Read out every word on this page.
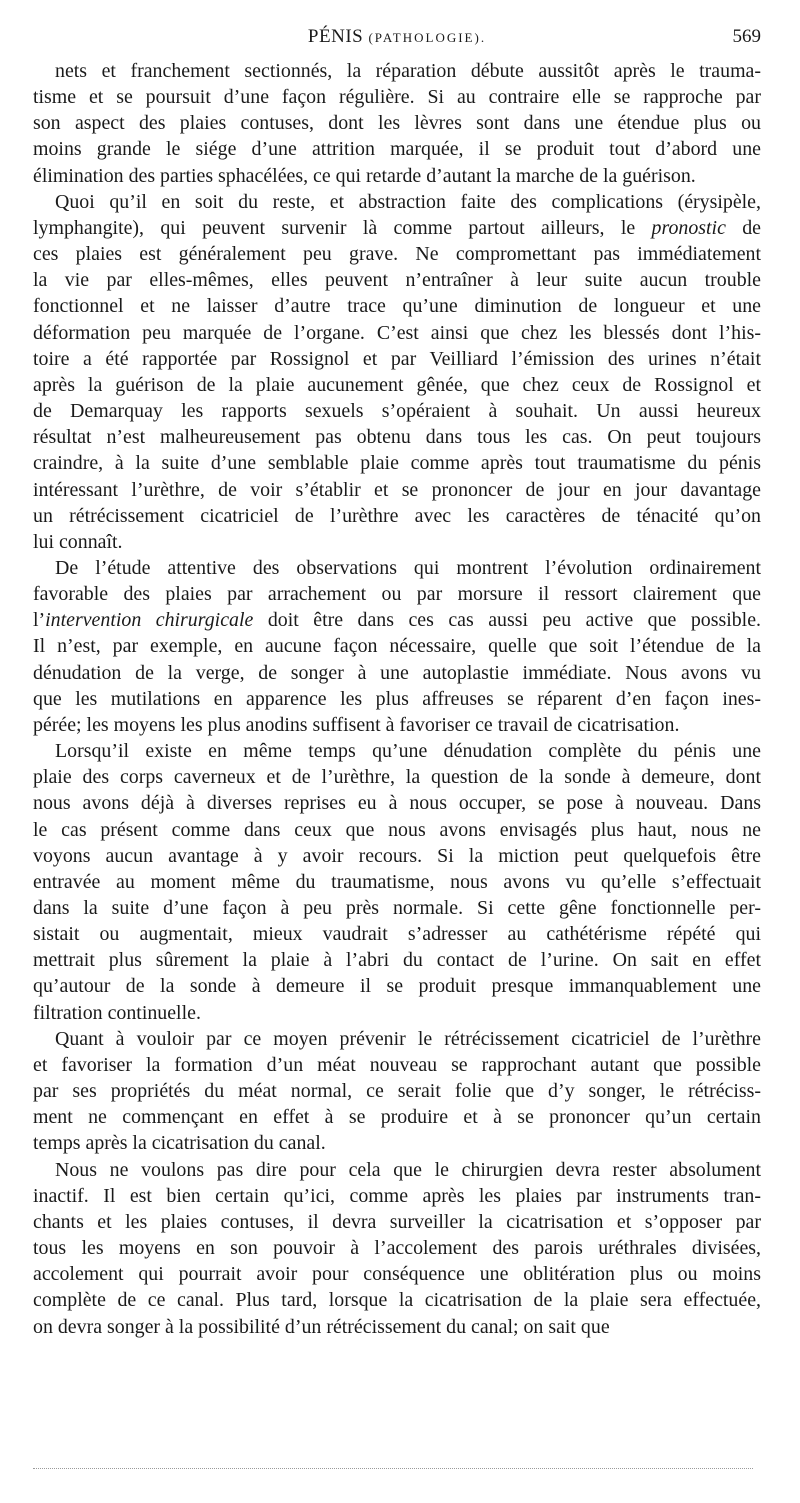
PÉNIS (PATHOLOGIE).	569

nets et franchement sectionnés, la réparation débute aussitôt après le trauma-
tisme et se poursuit d’une façon régulière. Si au contraire elle se rapproche par
son aspect des plaies contuses, dont les lèvres sont dans une étendue plus ou
moins grande le siége d’une attrition marquée, il se produit tout d’abord une
élimination des parties sphacélées, ce qui retarde d’autant la marche de la guérison.

Quoi qu’il en soit du reste, et abstraction faite des complications (érysipèle,
lymphangite), qui peuvent survenir là comme partout ailleurs, le pronostic de
ces plaies est généralement peu grave. Ne compromettant pas immédiatement
la vie par elles-mêmes, elles peuvent n’entraîner à leur suite aucun trouble
fonctionnel et ne laisser d’autre trace qu’une diminution de longueur et une
déformation peu marquée de l’organe. C’est ainsi que chez les blessés dont l’his-
toire a été rapportée par Rossignol et par Veilliard l’émission des urines n’était
après la guérison de la plaie aucunement gênée, que chez ceux de Rossignol et
de Demarquay les rapports sexuels s’opéraient à souhait. Un aussi heureux
résultat n’est malheureusement pas obtenu dans tous les cas. On peut toujours
craindre, à la suite d’une semblable plaie comme après tout traumatisme du pénis
intéressant l’urèthre, de voir s’établir et se prononcer de jour en jour davantage
un rétrécissement cicatriciel de l’urèthre avec les caractères de ténacité qu’on
lui connaît.

De l’étude attentive des observations qui montrent l’évolution ordinairement
favorable des plaies par arrachement ou par morsure il ressort clairement que
l’intervention chirurgicale doit être dans ces cas aussi peu active que possible.
Il n’est, par exemple, en aucune façon nécessaire, quelle que soit l’étendue de la
dénudation de la verge, de songer à une autoplastie immédiate. Nous avons vu
que les mutilations en apparence les plus affreuses se réparent d’en façon ines-
pérée; les moyens les plus anodins suffisent à favoriser ce travail de cicatrisation.

Lorsqu’il existe en même temps qu’une dénudation complète du pénis une
plaie des corps caverneux et de l’urèthre, la question de la sonde à demeure, dont
nous avons déjà à diverses reprises eu à nous occuper, se pose à nouveau. Dans
le cas présent comme dans ceux que nous avons envisagés plus haut, nous ne
voyons aucun avantage à y avoir recours. Si la miction peut quelquefois être
entravée au moment même du traumatisme, nous avons vu qu’elle s’effectuait
dans la suite d’une façon à peu près normale. Si cette gêne fonctionnelle per-
sistait ou augmentait, mieux vaudrait s’adresser au cathétérisme répété qui
mettrait plus sûrement la plaie à l’abri du contact de l’urine. On sait en effet
qu’autour de la sonde à demeure il se produit presque immanquablement une
filtration continuelle.

Quant à vouloir par ce moyen prévenir le rétrécissement cicatriciel de l’urèthre
et favoriser la formation d’un méat nouveau se rapprochant autant que possible
par ses propriétés du méat normal, ce serait folie que d’y songer, le rétréciss-
ment ne commençant en effet à se produire et à se prononcer qu’un certain
temps après la cicatrisation du canal.

Nous ne voulons pas dire pour cela que le chirurgien devra rester absolument
inactif. Il est bien certain qu’ici, comme après les plaies par instruments tran-
chants et les plaies contuses, il devra surveiller la cicatrisation et s’opposer par
tous les moyens en son pouvoir à l’accolement des parois uréthrales divisées,
accolement qui pourrait avoir pour conséquence une oblitération plus ou moins
complète de ce canal. Plus tard, lorsque la cicatrisation de la plaie sera effectuée,
on devra songer à la possibilité d’un rétrécissement du canal; on sait que
